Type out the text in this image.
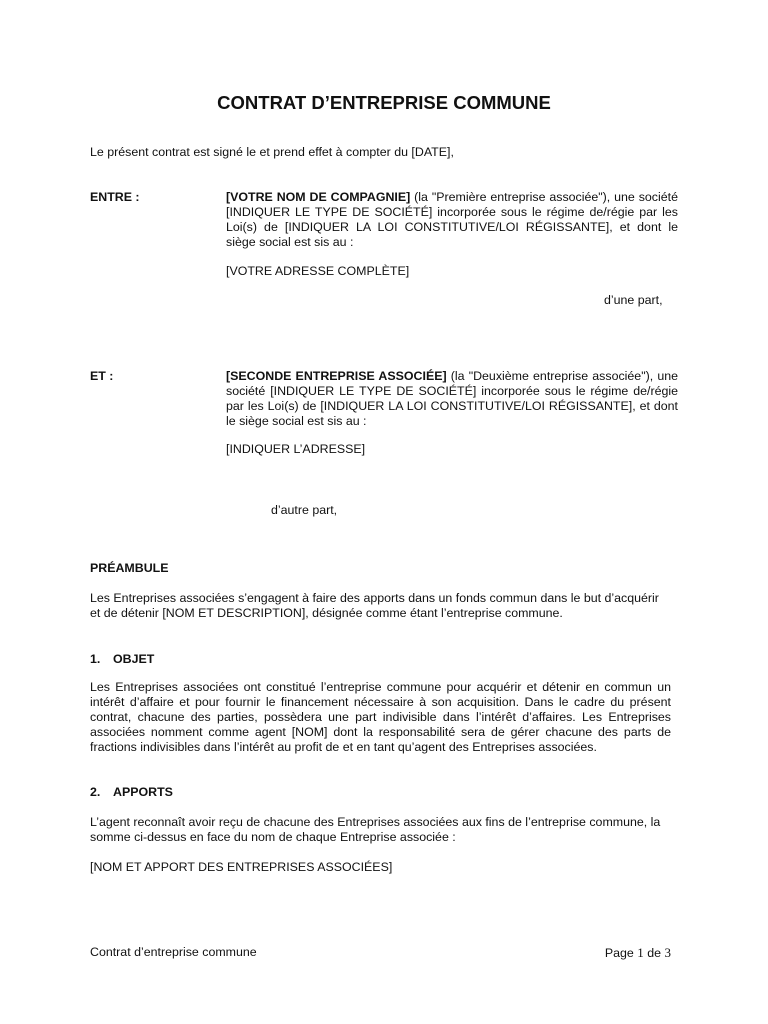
CONTRAT D’ENTREPRISE COMMUNE
Le présent contrat est signé le et prend effet à compter du [DATE],
ENTRE :	[VOTRE NOM DE COMPAGNIE] (la "Première entreprise associée"), une société [INDIQUER LE TYPE DE SOCIÉTÉ] incorporée sous le régime de/régie par les Loi(s) de [INDIQUER LA LOI CONSTITUTIVE/LOI RÉGISSANTE], et dont le siège social est sis au :
[VOTRE ADRESSE COMPLÈTE]
d’une part,
ET :	[SECONDE ENTREPRISE ASSOCIÉE] (la "Deuxième entreprise associée"), une société [INDIQUER LE TYPE DE SOCIÉTÉ] incorporée sous le régime de/régie par les Loi(s) de [INDIQUER LA LOI CONSTITUTIVE/LOI RÉGISSANTE], et dont le siège social est sis au :
[INDIQUER L’ADRESSE]
d’autre part,
PRÉAMBULE
Les Entreprises associées s’engagent à faire des apports dans un fonds commun dans le but d’acquérir et de détenir [NOM ET DESCRIPTION], désignée comme étant l’entreprise commune.
1. OBJET
Les Entreprises associées ont constitué l’entreprise commune pour acquérir et détenir en commun un intérêt d’affaire et pour fournir le financement nécessaire à son acquisition. Dans le cadre du présent contrat, chacune des parties, possèdera une part indivisible dans l’intérêt d’affaires. Les Entreprises associées nomment comme agent [NOM] dont la responsabilité sera de gérer chacune des parts de fractions indivisibles dans l’intérêt au profit de et en tant qu’agent des Entreprises associées.
2. APPORTS
L’agent reconnaît avoir reçu de chacune des Entreprises associées aux fins de l’entreprise commune, la somme ci-dessus en face du nom de chaque Entreprise associée :
[NOM ET APPORT DES ENTREPRISES ASSOCIÉES]
Contrat d’entreprise commune	Page 1 de 3
